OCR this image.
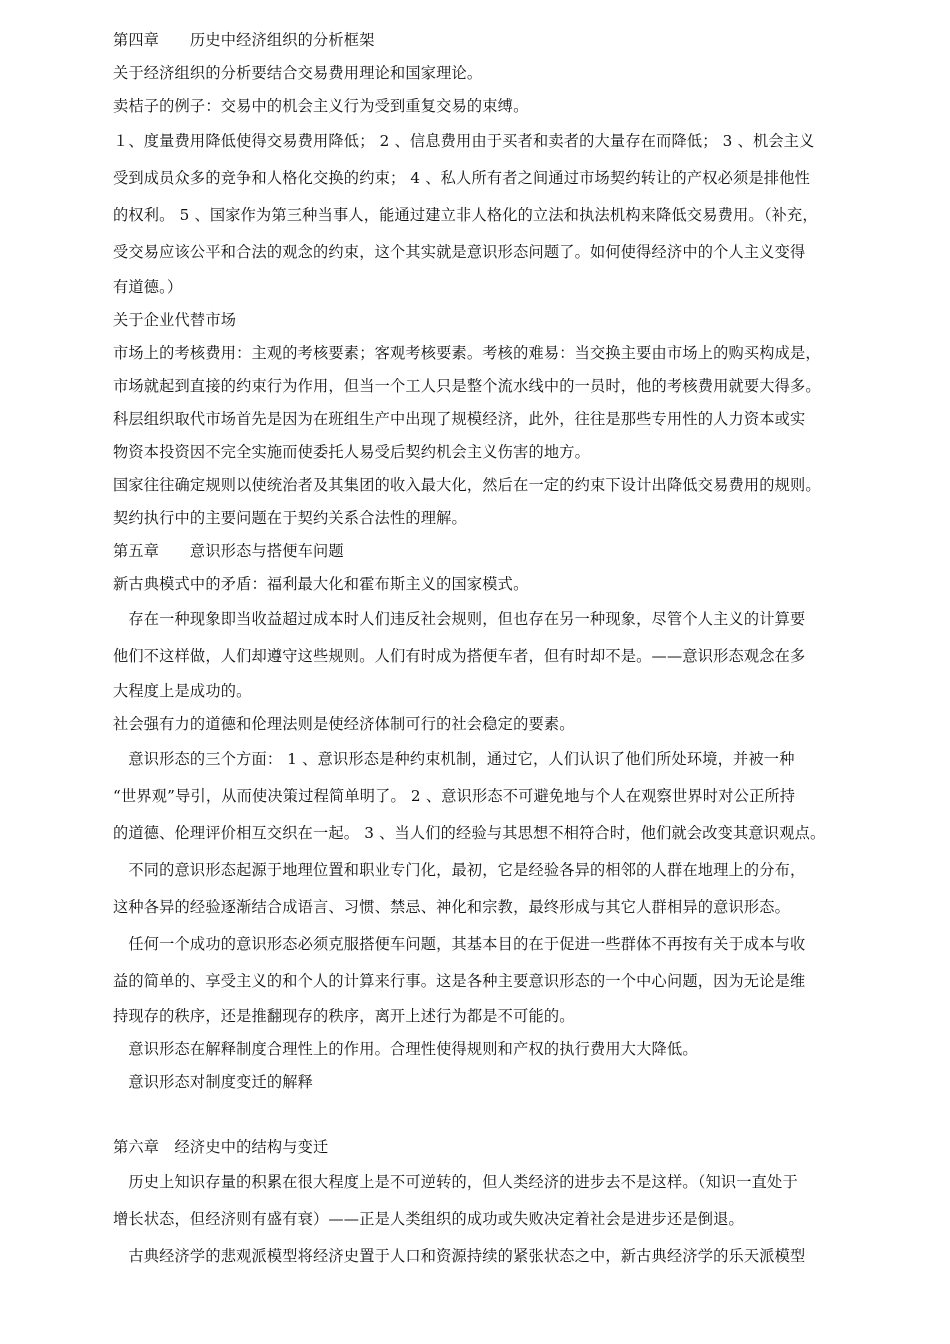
第四章　　历史中经济组织的分析框架
关于经济组织的分析要结合交易费用理论和国家理论。
卖桔子的例子：交易中的机会主义行为受到重复交易的束缚。
１、度量费用降低使得交易费用降低； 2 、信息费用由于买者和卖者的大量存在而降低； 3 、机会主义
受到成员众多的竞争和人格化交换的约束； 4 、私人所有者之间通过市场契约转让的产权必须是排他性
的权利。 5 、国家作为第三种当事人，能通过建立非人格化的立法和执法机构来降低交易费用。（补充，
受交易应该公平和合法的观念的约束，这个其实就是意识形态问题了。如何使得经济中的个人主义变得
有道德。）
关于企业代替市场
市场上的考核费用：主观的考核要素；客观考核要素。考核的难易：当交换主要由市场上的购买构成是，
市场就起到直接的约束行为作用，但当一个工人只是整个流水线中的一员时，他的考核费用就要大得多。
科层组织取代市场首先是因为在班组生产中出现了规模经济，此外，往往是那些专用性的人力资本或实
物资本投资因不完全实施而使委托人易受后契约机会主义伤害的地方。
国家往往确定规则以使统治者及其集团的收入最大化，然后在一定的约束下设计出降低交易费用的规则。
契约执行中的主要问题在于契约关系合法性的理解。
第五章　　意识形态与搭便车问题
新古典模式中的矛盾：福利最大化和霍布斯主义的国家模式。
　存在一种现象即当收益超过成本时人们违反社会规则，但也存在另一种现象，尽管个人主义的计算要
他们不这样做，人们却遵守这些规则。人们有时成为搭便车者，但有时却不是。——意识形态观念在多
大程度上是成功的。
社会强有力的道德和伦理法则是使经济体制可行的社会稳定的要素。
　意识形态的三个方面： 1 、意识形态是种约束机制，通过它，人们认识了他们所处环境，并被一种
“世界观”导引，从而使决策过程简单明了。 2 、意识形态不可避免地与个人在观察世界时对公正所持
的道德、伦理评价相互交织在一起。 3 、当人们的经验与其思想不相符合时，他们就会改变其意识观点。
　不同的意识形态起源于地理位置和职业专门化，最初，它是经验各异的相邻的人群在地理上的分布，
这种各异的经验逐渐结合成语言、习惯、禁忌、神化和宗教，最终形成与其它人群相异的意识形态。
　任何一个成功的意识形态必须克服搭便车问题，其基本目的在于促进一些群体不再按有关于成本与收
益的简单的、享受主义的和个人的计算来行事。这是各种主要意识形态的一个中心问题，因为无论是维
持现存的秩序，还是推翻现存的秩序，离开上述行为都是不可能的。
　意识形态在解释制度合理性上的作用。合理性使得规则和产权的执行费用大大降低。
　意识形态对制度变迁的解释
第六章　经济史中的结构与变迁
　历史上知识存量的积累在很大程度上是不可逆转的，但人类经济的进步去不是这样。（知识一直处于
增长状态，但经济则有盛有衰）——正是人类组织的成功或失败决定着社会是进步还是倒退。
　古典经济学的悲观派模型将经济史置于人口和资源持续的紧张状态之中，新古典经济学的乐天派模型
